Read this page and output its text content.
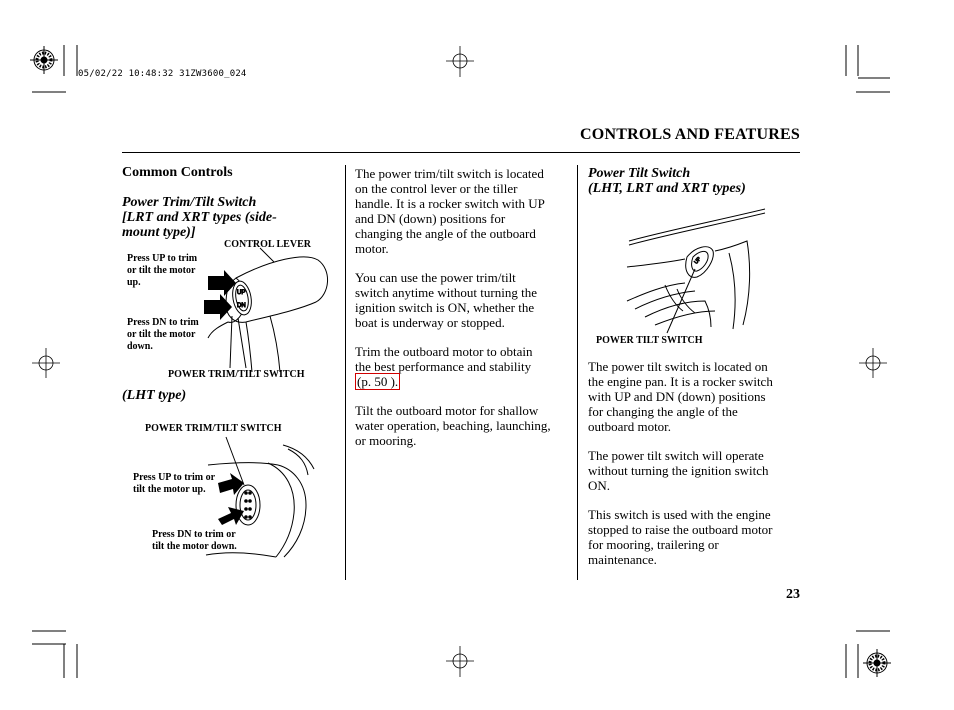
05/02/22 10:48:32 31ZW3600_024
CONTROLS AND FEATURES
Common Controls
Power Trim/Tilt Switch
[LRT and XRT types (side-
mount type)]
UP
DN
CONTROL LEVER
Press UP to trim
or tilt the motor
up.
Press DN to trim
or tilt the motor
down.
POWER TRIM/TILT SWITCH
(LHT type)
POWER TRIM/TILT SWITCH
Press UP to trim or
tilt the motor up.
Press DN to trim or
tilt the motor down.

The power trim/tilt switch is located
on the control lever or the tiller
handle. It is a rocker switch with UP
and DN (down) positions for
changing the angle of the outboard
motor.

You can use the power trim/tilt
switch anytime without turning the
ignition switch is ON, whether the
boat is underway or stopped.

Trim the outboard motor to obtain
the best performance and stability
(p. 50 ).

Tilt the outboard motor for shallow
water operation, beaching, launching,
or mooring.

Power Tilt Switch
(LHT, LRT and XRT types)
UP
POWER TILT SWITCH

The power tilt switch is located on
the engine pan. It is a rocker switch
with UP and DN (down) positions
for changing the angle of the
outboard motor.

The power tilt switch will operate
without turning the ignition switch
ON.

This switch is used with the engine
stopped to raise the outboard motor
for mooring, trailering or
maintenance.

23
